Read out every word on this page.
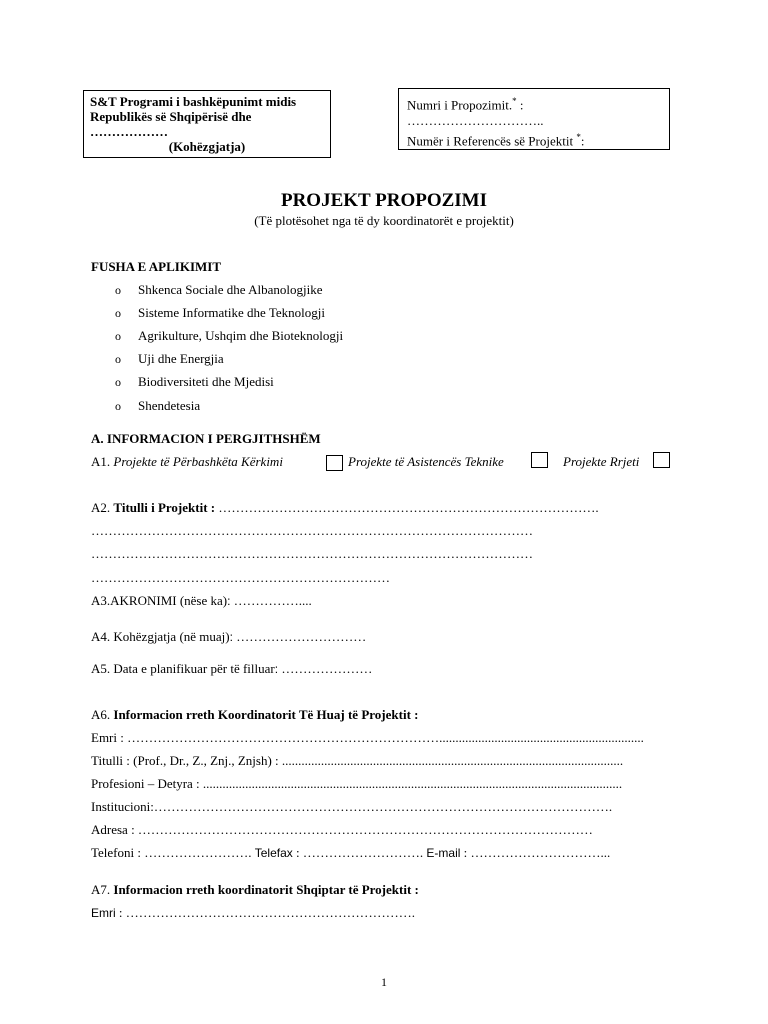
S&T Programi i bashkëpunimt midis
Republikës së Shqipërisë dhe
………………
(Kohëzgjatja)
Numri i Propozimit.* :
…………………………..
Numër i Referencës së Projektit *:
PROJEKT PROPOZIMI
(Të plotësohet nga të dy koordinatorët e projektit)
FUSHA E APLIKIMIT
o Shkenca Sociale dhe Albanologjike
o Sisteme Informatike dhe Teknologji
o Agrikulture, Ushqim dhe Bioteknologji
o Uji dhe Energjia
o Biodiversiteti dhe Mjedisi
o Shendetesia
A. INFORMACION I PERGJITHSHËM
A1. Projekte të Përbashkëta Kërkimi	Projekte të Asistencës Teknike	Projekte Rrjeti
A2. Titulli i Projektit : …………………………………………………………………………….
…………………………………………………………………………………………
…………………………………………………………………………………………
……………………………………………………………
A3.AKRONIMI (nëse ka): ……………....
A4. Kohëzgjatja (në muaj): …………………………
A5. Data e planifikuar për të filluar: …………………
A6. Informacion rreth Koordinatorit Të Huaj të Projektit :
Emri : ………………………………………………………………...............................................................
Titulli : (Prof., Dr., Z., Znj., Znjsh) : .........................................................................................................
Profesioni – Detyra : .................................................................................................................................
Institucioni:…………………………………………………………………………………………….
Adresa : ……………………………………………………………………………………………
Telefoni : ……………………. Telefax : ………………………. E-mail : …………………………...
A7. Informacion rreth koordinatorit Shqiptar të Projektit :
Emri : ………………………………………………………….
1
